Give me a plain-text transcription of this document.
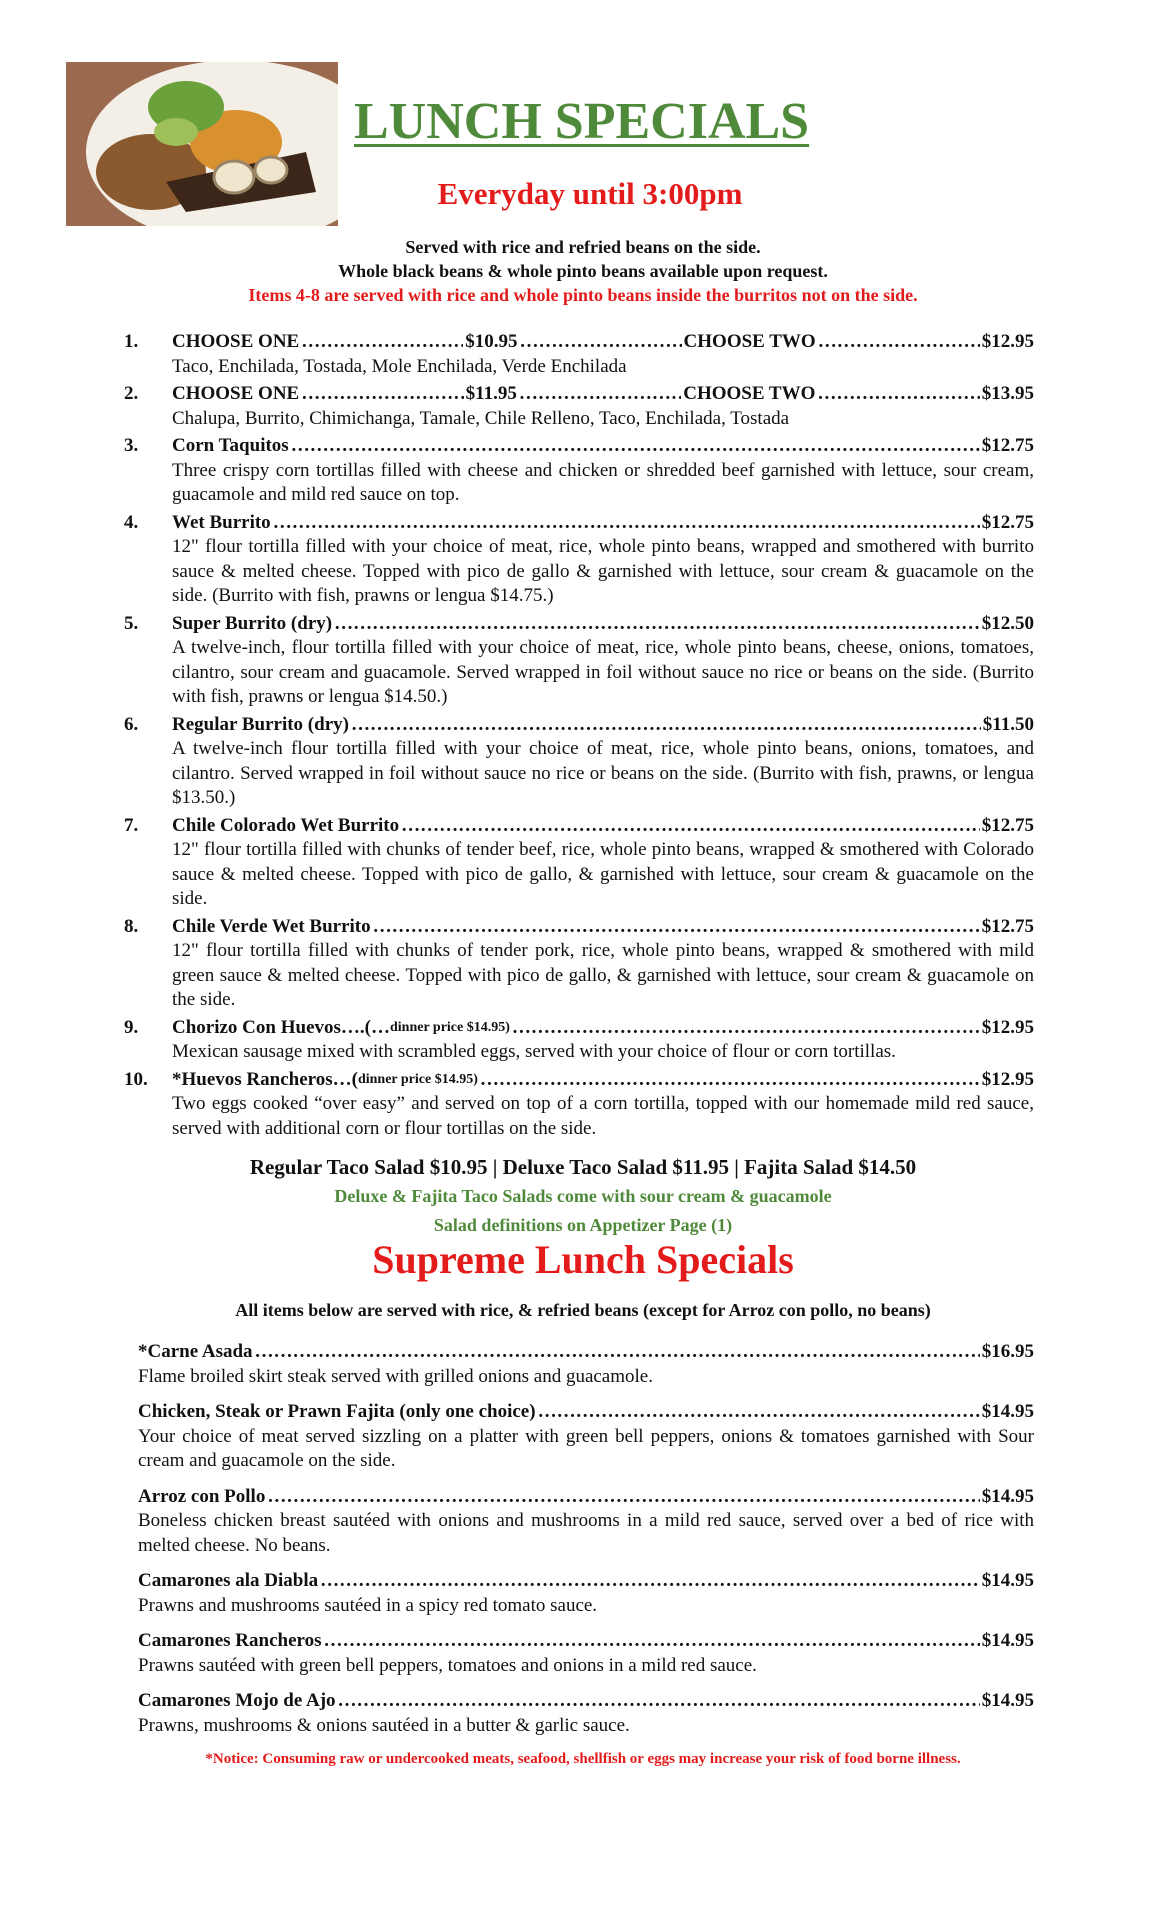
LUNCH SPECIALS
Everyday until 3:00pm
Served with rice and refried beans on the side.
Whole black beans & whole pinto beans available upon request.
Items 4-8 are served with rice and whole pinto beans inside the burritos not on the side.
1.	CHOOSE ONE ……………………………………………………………………………………………………………………………………………	$10.95 ……………………………………………………………………………………………………………………………………………	CHOOSE TWO ……………………………………………………………………………………………………………………………………………	$12.95
Taco, Enchilada, Tostada, Mole Enchilada, Verde Enchilada
2.	CHOOSE ONE ……………………………………………………………………………………………………………………………………………	$11.95 ……………………………………………………………………………………………………………………………………………	CHOOSE TWO ……………………………………………………………………………………………………………………………………………	$13.95
Chalupa, Burrito, Chimichanga, Tamale, Chile Relleno, Taco, Enchilada, Tostada
3.	Corn Taquitos ……………………………………………………………………………………………………………………………………………	$12.75
Three crispy corn tortillas filled with cheese and chicken or shredded beef garnished with lettuce, sour cream, guacamole and mild red sauce on top.
4.	Wet Burrito ……………………………………………………………………………………………………………………………………………	$12.75
12" flour tortilla filled with your choice of meat, rice, whole pinto beans, wrapped and smothered with burrito sauce & melted cheese. Topped with pico de gallo & garnished with lettuce, sour cream & guacamole on the side. (Burrito with fish, prawns or lengua $14.75.)
5.	Super Burrito (dry) ……………………………………………………………………………………………………………………………………………	$12.50
A twelve-inch, flour tortilla filled with your choice of meat, rice, whole pinto beans, cheese, onions, tomatoes, cilantro, sour cream and guacamole. Served wrapped in foil without sauce no rice or beans on the side. (Burrito with fish, prawns or lengua $14.50.)
6.	Regular Burrito (dry) ……………………………………………………………………………………………………………………………………………	$11.50
A twelve-inch flour tortilla filled with your choice of meat, rice, whole pinto beans, onions, tomatoes, and cilantro. Served wrapped in foil without sauce no rice or beans on the side. (Burrito with fish, prawns, or lengua $13.50.)
7.	Chile Colorado Wet Burrito ……………………………………………………………………………………………………………………………………………	$12.75
12" flour tortilla filled with chunks of tender beef, rice, whole pinto beans, wrapped & smothered with Colorado sauce & melted cheese. Topped with pico de gallo, & garnished with lettuce, sour cream & guacamole on the side.
8.	Chile Verde Wet Burrito ……………………………………………………………………………………………………………………………………………	$12.75
12" flour tortilla filled with chunks of tender pork, rice, whole pinto beans, wrapped & smothered with mild green sauce & melted cheese. Topped with pico de gallo, & garnished with lettuce, sour cream & guacamole on the side.
9.	Chorizo Con Huevos….(… dinner price $14.95) ……………………………………………………………………………………………………………………………………………	$12.95
Mexican sausage mixed with scrambled eggs, served with your choice of flour or corn tortillas.
10.	*Huevos Rancheros…( dinner price $14.95) ……………………………………………………………………………………………………………………………………………	$12.95
Two eggs cooked “over easy” and served on top of a corn tortilla, topped with our homemade mild red sauce, served with additional corn or flour tortillas on the side.
Regular Taco Salad $10.95 | Deluxe Taco Salad $11.95 | Fajita Salad $14.50
Deluxe & Fajita Taco Salads come with sour cream & guacamole
Salad definitions on Appetizer Page (1)
Supreme Lunch Specials
All items below are served with rice, & refried beans (except for Arroz con pollo, no beans)
*Carne Asada ……………………………………………………………………………………………………………………………………………	$16.95
Flame broiled skirt steak served with grilled onions and guacamole.
Chicken, Steak or Prawn Fajita (only one choice) ……………………………………………………………………………………………………………………………………………	$14.95
Your choice of meat served sizzling on a platter with green bell peppers, onions & tomatoes garnished with Sour cream and guacamole on the side.
Arroz con Pollo ……………………………………………………………………………………………………………………………………………	$14.95
Boneless chicken breast sautéed with onions and mushrooms in a mild red sauce, served over a bed of rice with melted cheese. No beans.
Camarones ala Diabla ……………………………………………………………………………………………………………………………………………	$14.95
Prawns and mushrooms sautéed in a spicy red tomato sauce.
Camarones Rancheros ……………………………………………………………………………………………………………………………………………	$14.95
Prawns sautéed with green bell peppers, tomatoes and onions in a mild red sauce.
Camarones Mojo de Ajo ……………………………………………………………………………………………………………………………………………	$14.95
Prawns, mushrooms & onions sautéed in a butter & garlic sauce.
*Notice: Consuming raw or undercooked meats, seafood, shellfish or eggs may increase your risk of food borne illness.
